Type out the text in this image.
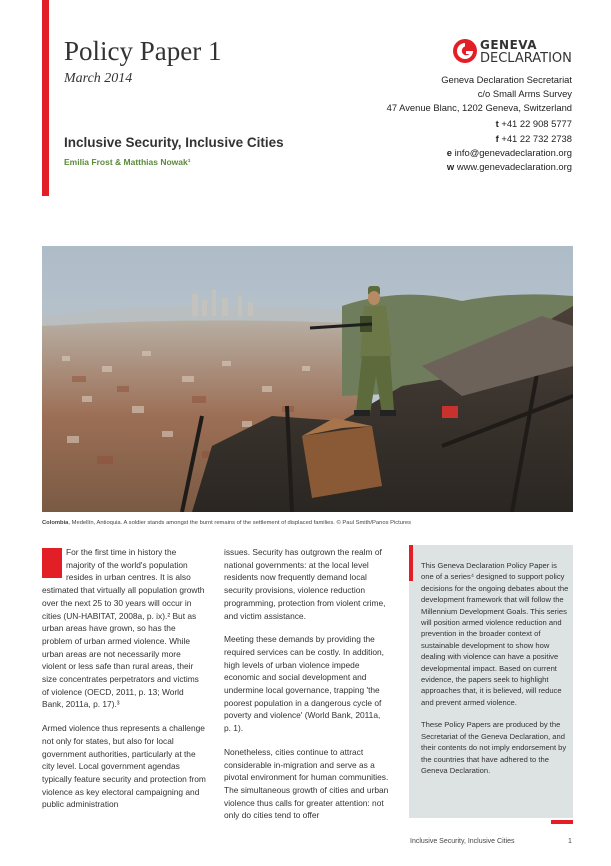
Policy Paper 1
March 2014
GENEVA
DECLARATION
Geneva Declaration Secretariat
c/o Small Arms Survey
47 Avenue Blanc, 1202 Geneva, Switzerland
t +41 22 908 5777
f +41 22 732 2738
e info@genevadeclaration.org
w www.genevadeclaration.org
Inclusive Security, Inclusive Cities
Emilia Frost & Matthias Nowak¹
Colombia, Medellín, Antioquia. A soldier stands amongst the burnt remains of the settlement of displaced families. © Paul Smith/Panos Pictures

For the first time in history the majority of the world's population resides in urban centres. It is also estimated that virtually all population growth over the next 25 to 30 years will occur in cities (UN-HABITAT, 2008a, p. ix).² But as urban areas have grown, so has the problem of urban armed violence. While urban areas are not necessarily more violent or less safe than rural areas, their size concentrates perpetrators and victims of violence (OECD, 2011, p. 13; World Bank, 2011a, p. 17).³

Armed violence thus represents a challenge not only for states, but also for local government authorities, particularly at the city level. Local government agendas typically feature security and protection from violence as key electoral campaigning and public administration

issues. Security has outgrown the realm of national governments: at the local level residents now frequently demand local security provisions, violence reduction programming, protection from violent crime, and victim assistance.

Meeting these demands by providing the required services can be costly. In addition, high levels of urban violence impede economic and social development and undermine local governance, trapping 'the poorest population in a dangerous cycle of poverty and violence' (World Bank, 2011a, p. 1).

Nonetheless, cities continue to attract considerable in-migration and serve as a pivotal environment for human communities. The simultaneous growth of cities and urban violence thus calls for greater attention: not only do cities tend to offer

This Geneva Declaration Policy Paper is one of a series⁴ designed to support policy decisions for the ongoing debates about the development framework that will follow the Millennium Development Goals. This series will position armed violence reduction and prevention in the broader context of sustainable development to show how dealing with violence can have a positive developmental impact. Based on current evidence, the papers seek to highlight approaches that, it is believed, will reduce and prevent armed violence.

These Policy Papers are produced by the Secretariat of the Geneva Declaration, and their contents do not imply endorsement by the countries that have adhered to the Geneva Declaration.

Inclusive Security, Inclusive Cities	1
